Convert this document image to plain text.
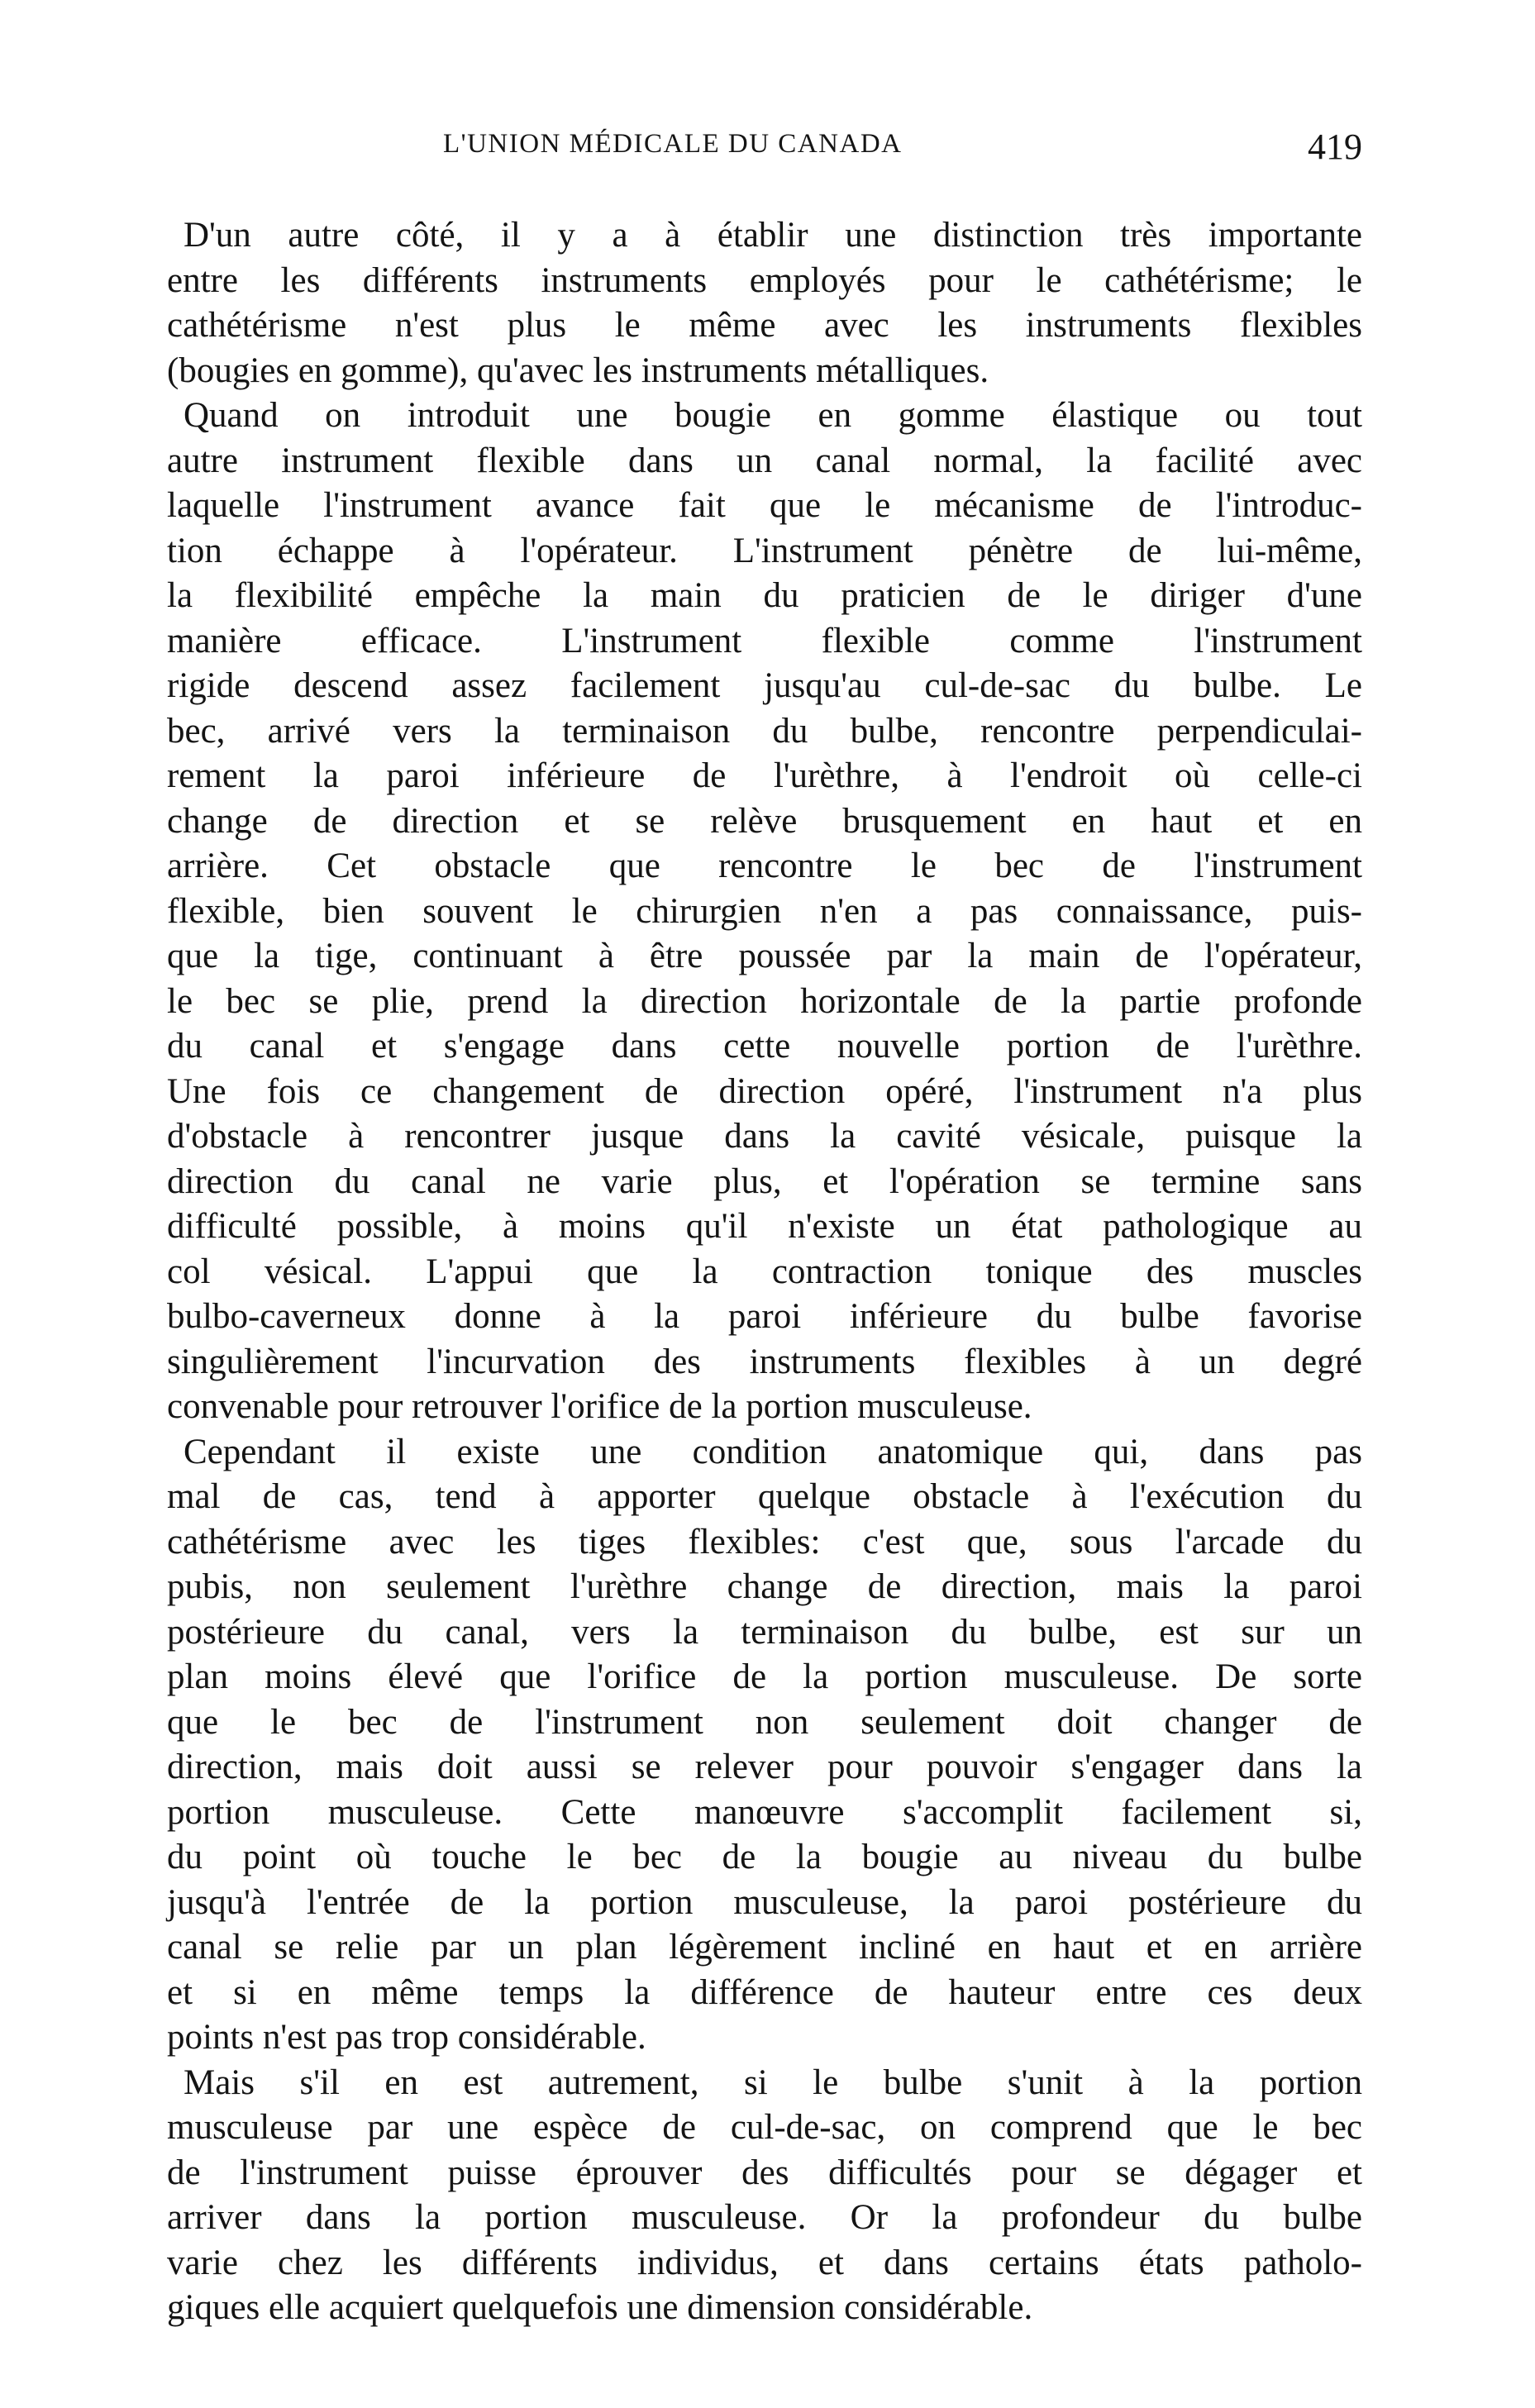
L'UNION MÉDICALE DU CANADA	419
D'un autre côté, il y a à établir une distinction très importante
entre les différents instruments employés pour le cathétérisme; le
cathétérisme n'est plus le même avec les instruments flexibles
(bougies en gomme), qu'avec les instruments métalliques.
Quand on introduit une bougie en gomme élastique ou tout
autre instrument flexible dans un canal normal, la facilité avec
laquelle l'instrument avance fait que le mécanisme de l'introduc-
tion échappe à l'opérateur. L'instrument pénètre de lui-même,
la flexibilité empêche la main du praticien de le diriger d'une
manière efficace. L'instrument flexible comme l'instrument
rigide descend assez facilement jusqu'au cul-de-sac du bulbe. Le
bec, arrivé vers la terminaison du bulbe, rencontre perpendiculai-
rement la paroi inférieure de l'urèthre, à l'endroit où celle-ci
change de direction et se relève brusquement en haut et en
arrière. Cet obstacle que rencontre le bec de l'instrument
flexible, bien souvent le chirurgien n'en a pas connaissance, puis-
que la tige, continuant à être poussée par la main de l'opérateur,
le bec se plie, prend la direction horizontale de la partie profonde
du canal et s'engage dans cette nouvelle portion de l'urèthre.
Une fois ce changement de direction opéré, l'instrument n'a plus
d'obstacle à rencontrer jusque dans la cavité vésicale, puisque la
direction du canal ne varie plus, et l'opération se termine sans
difficulté possible, à moins qu'il n'existe un état pathologique au
col vésical. L'appui que la contraction tonique des muscles
bulbo-caverneux donne à la paroi inférieure du bulbe favorise
singulièrement l'incurvation des instruments flexibles à un degré
convenable pour retrouver l'orifice de la portion musculeuse.
Cependant il existe une condition anatomique qui, dans pas
mal de cas, tend à apporter quelque obstacle à l'exécution du
cathétérisme avec les tiges flexibles: c'est que, sous l'arcade du
pubis, non seulement l'urèthre change de direction, mais la paroi
postérieure du canal, vers la terminaison du bulbe, est sur un
plan moins élevé que l'orifice de la portion musculeuse. De sorte
que le bec de l'instrument non seulement doit changer de
direction, mais doit aussi se relever pour pouvoir s'engager dans la
portion musculeuse. Cette manœuvre s'accomplit facilement si,
du point où touche le bec de la bougie au niveau du bulbe
jusqu'à l'entrée de la portion musculeuse, la paroi postérieure du
canal se relie par un plan légèrement incliné en haut et en arrière
et si en même temps la différence de hauteur entre ces deux
points n'est pas trop considérable.
Mais s'il en est autrement, si le bulbe s'unit à la portion
musculeuse par une espèce de cul-de-sac, on comprend que le bec
de l'instrument puisse éprouver des difficultés pour se dégager et
arriver dans la portion musculeuse. Or la profondeur du bulbe
varie chez les différents individus, et dans certains états patholo-
giques elle acquiert quelquefois une dimension considérable.
